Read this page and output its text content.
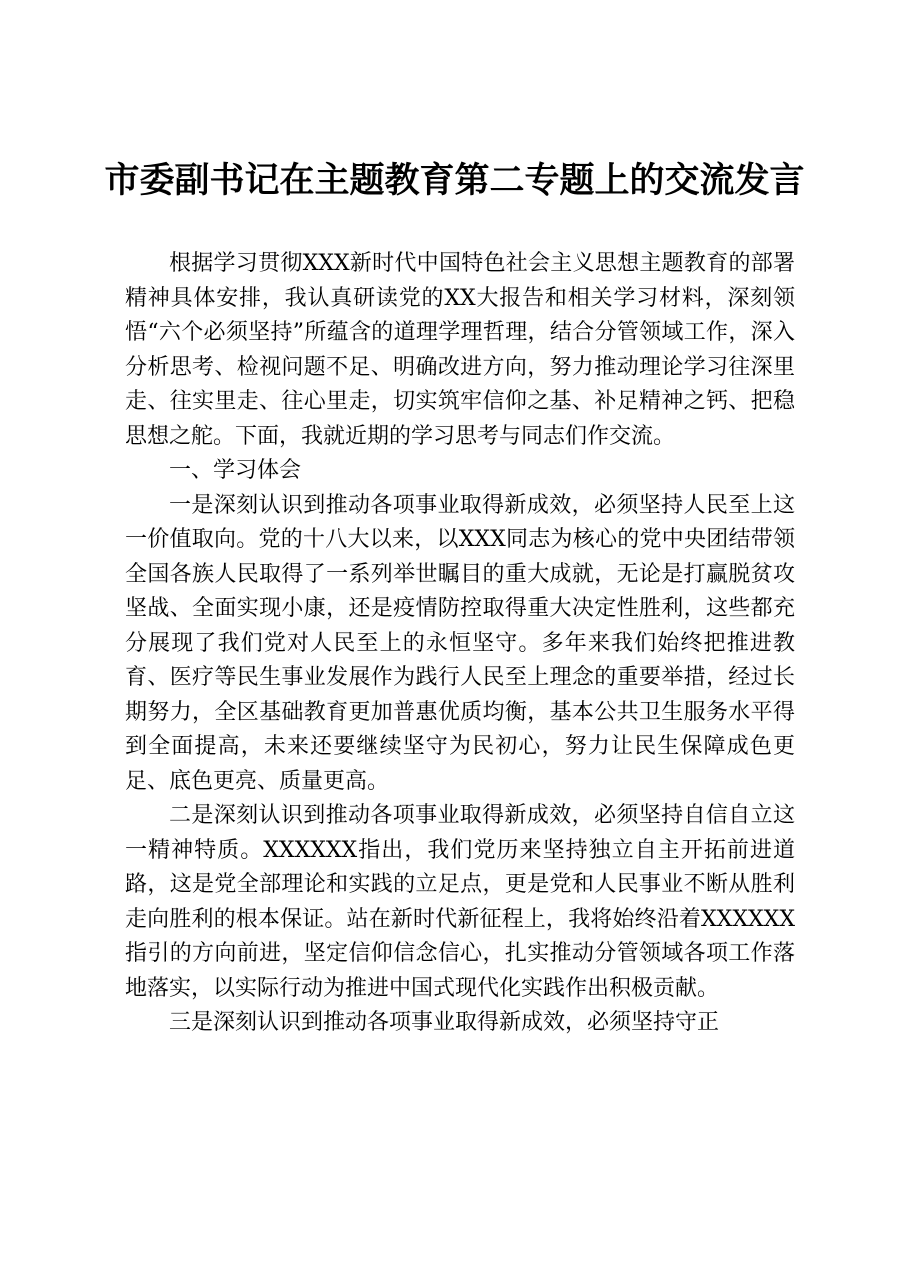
市委副书记在主题教育第二专题上的交流发言

根据学习贯彻XXX新时代中国特色社会主义思想主题教育的部署精神具体安排，我认真研读党的XX大报告和相关学习材料，深刻领悟“六个必须坚持”所蕴含的道理学理哲理，结合分管领域工作，深入分析思考、检视问题不足、明确改进方向，努力推动理论学习往深里走、往实里走、往心里走，切实筑牢信仰之基、补足精神之钙、把稳思想之舵。下面，我就近期的学习思考与同志们作交流。

一、学习体会

一是深刻认识到推动各项事业取得新成效，必须坚持人民至上这一价值取向。党的十八大以来，以XXX同志为核心的党中央团结带领全国各族人民取得了一系列举世瞩目的重大成就，无论是打赢脱贫攻坚战、全面实现小康，还是疫情防控取得重大决定性胜利，这些都充分展现了我们党对人民至上的永恒坚守。多年来我们始终把推进教育、医疗等民生事业发展作为践行人民至上理念的重要举措，经过长期努力，全区基础教育更加普惠优质均衡，基本公共卫生服务水平得到全面提高，未来还要继续坚守为民初心，努力让民生保障成色更足、底色更亮、质量更高。

二是深刻认识到推动各项事业取得新成效，必须坚持自信自立这一精神特质。XXXXXX指出，我们党历来坚持独立自主开拓前进道路，这是党全部理论和实践的立足点，更是党和人民事业不断从胜利走向胜利的根本保证。站在新时代新征程上，我将始终沿着XXXXXX指引的方向前进，坚定信仰信念信心，扎实推动分管领域各项工作落地落实，以实际行动为推进中国式现代化实践作出积极贡献。

三是深刻认识到推动各项事业取得新成效，必须坚持守正
